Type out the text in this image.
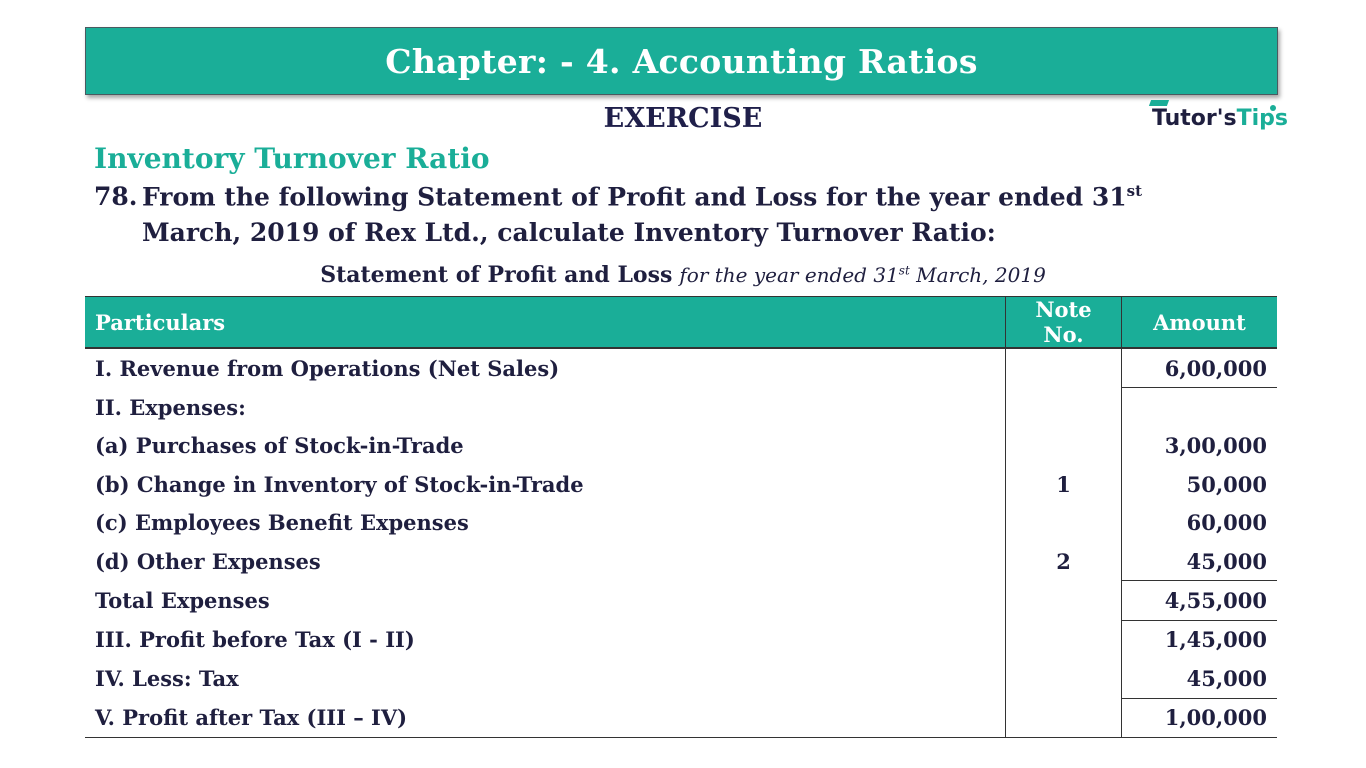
Chapter: - 4. Accounting Ratios
EXERCISE	Tutor'sTips
Inventory Turnover Ratio
78. From the following Statement of Profit and Loss for the year ended 31st
March, 2019 of Rex Ltd., calculate Inventory Turnover Ratio:
Statement of Profit and Loss for the year ended 31st March, 2019
Particulars	Note No.	Amount
I. Revenue from Operations (Net Sales)		6,00,000
II. Expenses:		
(a) Purchases of Stock-in-Trade		3,00,000
(b) Change in Inventory of Stock-in-Trade	1	50,000
(c) Employees Benefit Expenses		60,000
(d) Other Expenses	2	45,000
Total Expenses		4,55,000
III. Profit before Tax (I - II)		1,45,000
IV. Less: Tax		45,000
V. Profit after Tax (III – IV)		1,00,000
